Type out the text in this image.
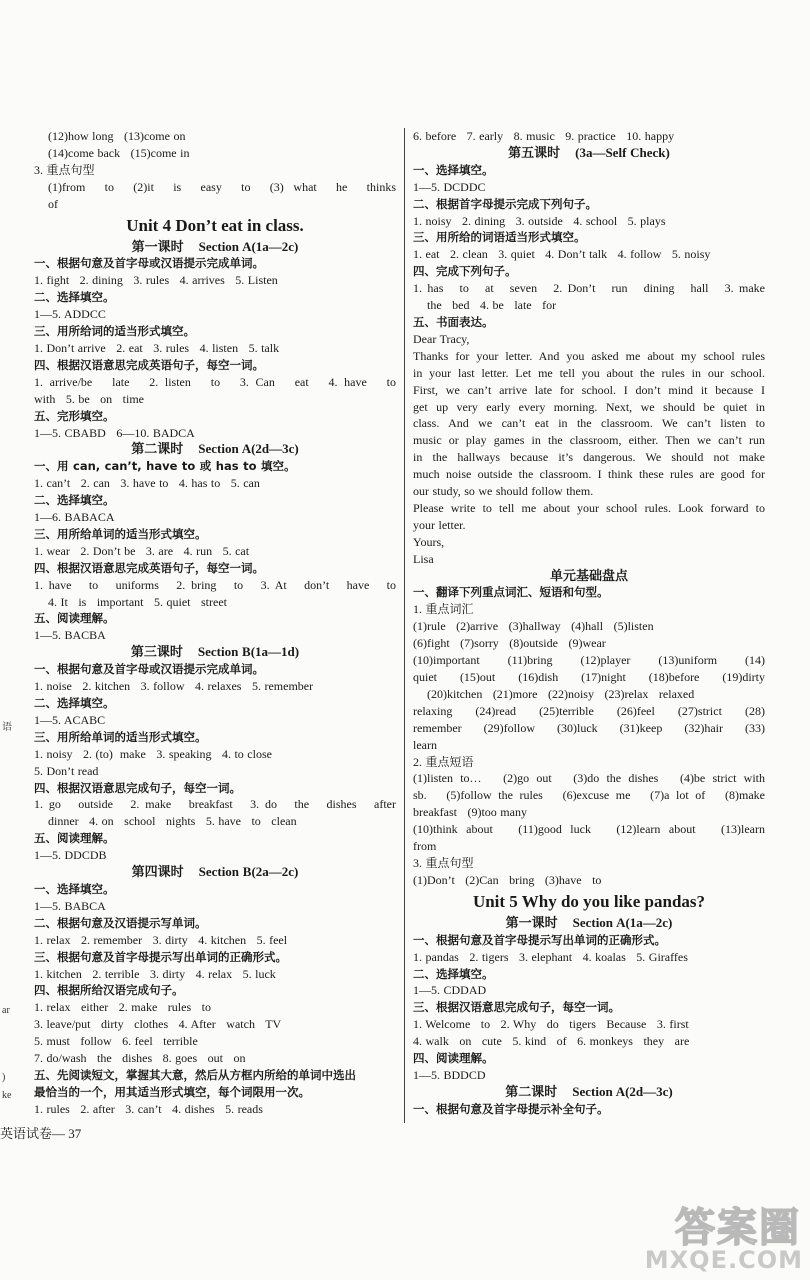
语
ar
)
ke
(12)how long   (13)come on
(14)come back   (15)come in
3. 重点句型
(1)from  to  (2)it  is  easy  to  (3) what  he  thinks
of
Unit 4 Don’t eat in class.
第一课时    Section A(1a—2c)
一、根据句意及首字母或汉语提示完成单词。
1. fight   2. dining   3. rules   4. arrives   5. Listen
二、选择填空。
1—5. ADDCC
三、用所给词的适当形式填空。
1. Don’t arrive   2. eat   3. rules   4. listen   5. talk
四、根据汉语意思完成英语句子，每空一词。
1. arrive/be   late   2. listen   to   3. Can   eat   4. have   to
with   5. be   on   time
五、完形填空。
1—5. CBABD   6—10. BADCA
第二课时    Section A(2d—3c)
一、用 can, can’t, have to 或 has to 填空。
1. can’t   2. can   3. have to   4. has to   5. can
二、选择填空。
1—6. BABACA
三、用所给单词的适当形式填空。
1. wear   2. Don’t be   3. are   4. run   5. cat
四、根据汉语意思完成英语句子，每空一词。
1. have   to   uniforms   2. bring   to   3. At   don’t   have   to
4. It   is   important   5. quiet   street
五、阅读理解。
1—5. BACBA
第三课时    Section B(1a—1d)
一、根据句意及首字母或汉语提示完成单词。
1. noise   2. kitchen   3. follow   4. relaxes   5. remember
二、选择填空。
1—5. ACABC
三、用所给单词的适当形式填空。
1. noisy   2. (to)  make   3. speaking   4. to close
5. Don’t read
四、根据汉语意思完成句子，每空一词。
1. go   outside   2. make   breakfast   3. do   the   dishes   after
dinner   4. on   school   nights   5. have   to   clean
五、阅读理解。
1—5. DDCDB
第四课时    Section B(2a—2c)
一、选择填空。
1—5. BABCA
二、根据句意及汉语提示写单词。
1. relax   2. remember   3. dirty   4. kitchen   5. feel
三、根据句意及首字母提示写出单词的正确形式。
1. kitchen   2. terrible   3. dirty   4. relax   5. luck
四、根据所给汉语完成句子。
1. relax   either   2. make   rules   to
3. leave/put   dirty   clothes   4. After   watch   TV
5. must   follow   6. feel   terrible
7. do/wash   the   dishes   8. goes   out   on
五、先阅读短文，掌握其大意，然后从方框内所给的单词中选出
最恰当的一个，用其适当形式填空，每个词限用一次。
1. rules   2. after   3. can’t   4. dishes   5. reads
6. before   7. early   8. music   9. practice   10. happy
第五课时    (3a—Self Check)
一、选择填空。
1—5. DCDDC
二、根据首字母提示完成下列句子。
1. noisy   2. dining   3. outside   4. school   5. plays
三、用所给的词语适当形式填空。
1. eat   2. clean   3. quiet   4. Don’t talk   4. follow   5. noisy
四、完成下列句子。
1. has   to   at   seven   2. Don’t   run   dining   hall   3. make
the   bed   4. be   late   for
五、书面表达。
Dear Tracy,
Thanks for your letter. And you asked me about my school rules
in your last letter. Let me tell you about the rules in our school.
First, we can’t arrive late for school. I don’t mind it because I
get up very early every morning. Next, we should be quiet in
class. And we can’t eat in the classroom. We can’t listen to
music or play games in the classroom, either. Then we can’t run
in the hallways because it’s dangerous. We should not make
much noise outside the classroom. I think these rules are good for
our study, so we should follow them.
Please write to tell me about your school rules. Look forward to
your letter.
Yours,
Lisa
单元基础盘点
一、翻译下列重点词汇、短语和句型。
1. 重点词汇
(1)rule   (2)arrive   (3)hallway   (4)hall   (5)listen
(6)fight   (7)sorry   (8)outside   (9)wear
(10)important   (11)bring   (12)player   (13)uniform   (14)
quiet   (15)out   (16)dish   (17)night   (18)before   (19)dirty
(20)kitchen   (21)more   (22)noisy   (23)relax   relaxed
relaxing   (24)read   (25)terrible   (26)feel   (27)strict   (28)
remember   (29)follow   (30)luck   (31)keep   (32)hair   (33)
learn
2. 重点短语
(1)listen to…   (2)go out   (3)do the dishes   (4)be strict with
sb.   (5)follow the rules   (6)excuse me   (7)a lot of   (8)make
breakfast   (9)too many
(10)think about   (11)good luck   (12)learn about   (13)learn
from
3. 重点句型
(1)Don’t   (2)Can   bring   (3)have   to
Unit 5 Why do you like pandas?
第一课时    Section A(1a—2c)
一、根据句意及首字母提示写出单词的正确形式。
1. pandas   2. tigers   3. elephant   4. koalas   5. Giraffes
二、选择填空。
1—5. CDDAD
三、根据汉语意思完成句子，每空一词。
1. Welcome   to   2. Why   do   tigers   Because   3. first
4. walk   on   cute   5. kind   of   6. monkeys   they   are
四、阅读理解。
1—5. BDDCD
第二课时    Section A(2d—3c)
一、根据句意及首字母提示补全句子。
英语试卷— 37
答案圈
MXQE.COM
